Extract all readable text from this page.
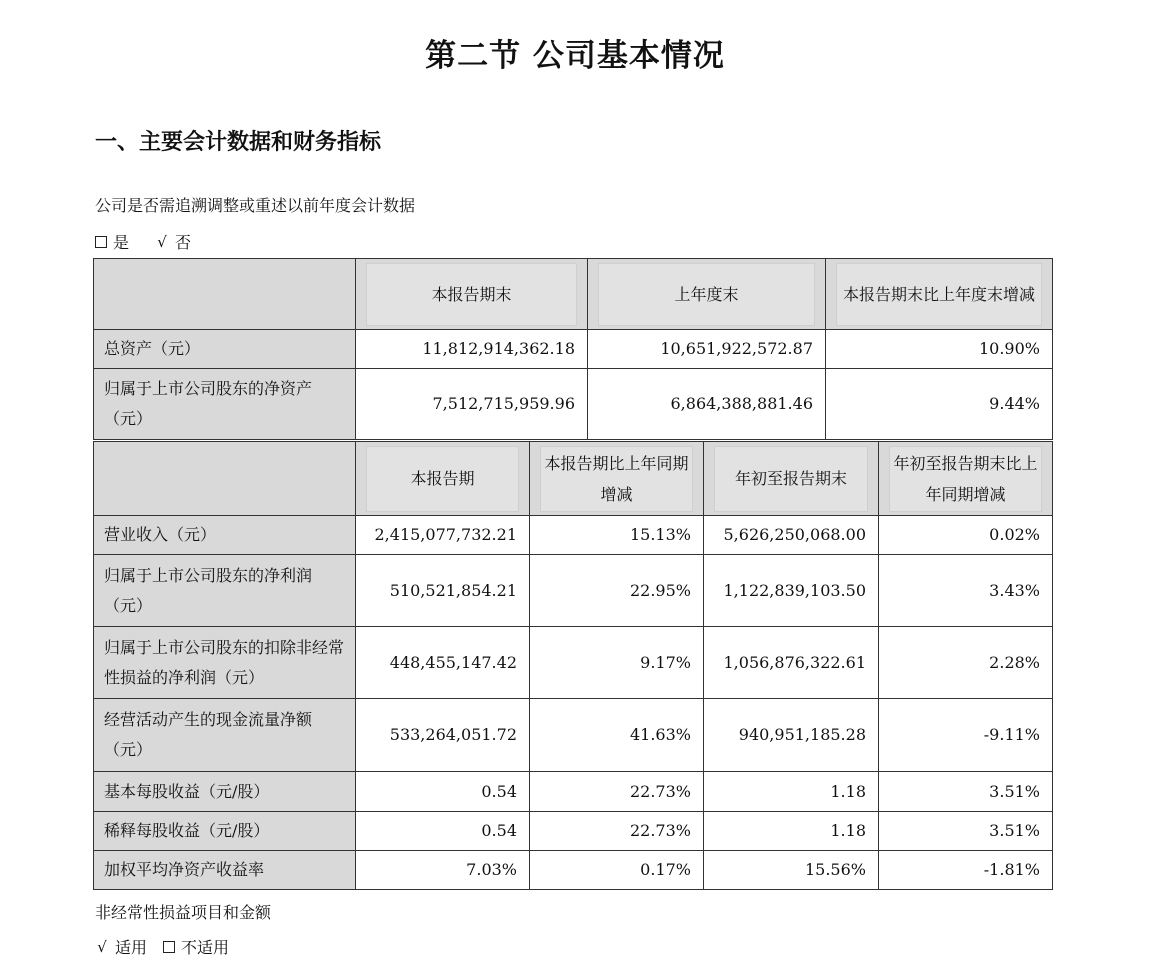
第二节 公司基本情况
一、主要会计数据和财务指标
公司是否需追溯调整或重述以前年度会计数据
是 √ 否

本报告期末	上年度末	本报告期末比上年度末增减

总资产（元）	11,812,914,362.18	10,651,922,572.87	10.90%
归属于上市公司股东的净资产（元）	7,512,715,959.96	6,864,388,881.46	9.44%

本报告期	本报告期比上年同期增减	年初至报告期末	年初至报告期末比上年同期增减

营业收入（元）	2,415,077,732.21	15.13%	5,626,250,068.00	0.02%
归属于上市公司股东的净利润（元）	510,521,854.21	22.95%	1,122,839,103.50	3.43%
归属于上市公司股东的扣除非经常性损益的净利润（元）	448,455,147.42	9.17%	1,056,876,322.61	2.28%
经营活动产生的现金流量净额（元）	533,264,051.72	41.63%	940,951,185.28	-9.11%
基本每股收益（元/股）	0.54	22.73%	1.18	3.51%
稀释每股收益（元/股）	0.54	22.73%	1.18	3.51%
加权平均净资产收益率	7.03%	0.17%	15.56%	-1.81%
非经常性损益项目和金额
√ 适用 不适用
